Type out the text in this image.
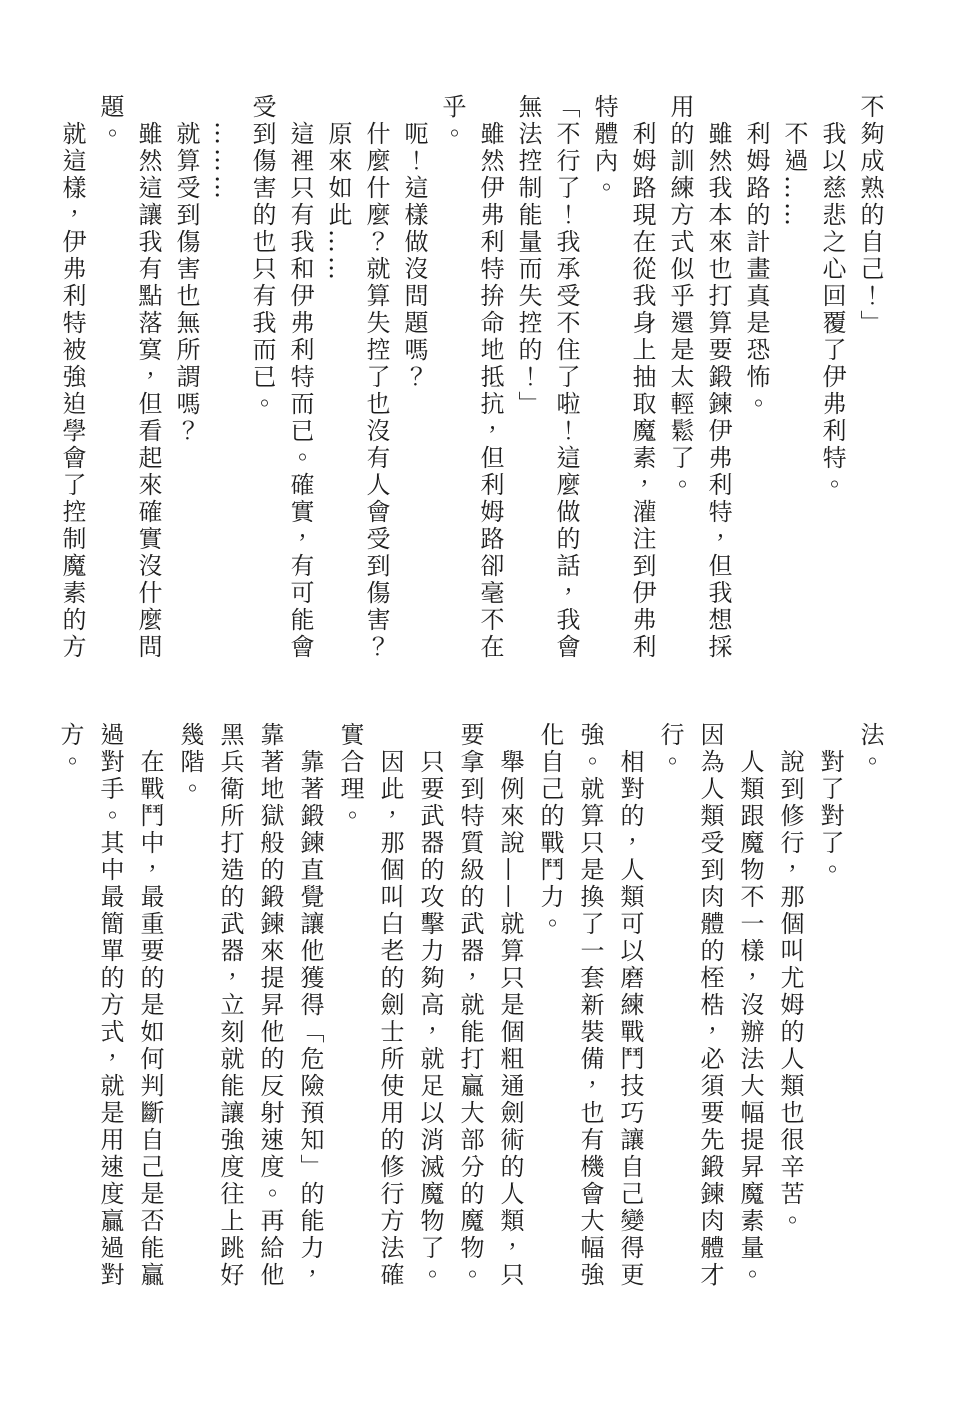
不夠成熟的自己！」
　我以慈悲之心回覆了伊弗利特。
　不過……
　利姆路的計畫真是恐怖。
　雖然我本來也打算要鍛鍊伊弗利特，但我想採
用的訓練方式似乎還是太輕鬆了。
　利姆路現在從我身上抽取魔素，灌注到伊弗利
特體內。
「不行了！我承受不住了啦！這麼做的話，我會
無法控制能量而失控的！」
　雖然伊弗利特拚命地抵抗，但利姆路卻毫不在
乎。
　呃！這樣做沒問題嗎？
　什麼什麼？就算失控了也沒有人會受到傷害？
　原來如此……
　這裡只有我和伊弗利特而已。確實，有可能會
受到傷害的也只有我而已。
　………
　就算受到傷害也無所謂嗎？
　雖然這讓我有點落寞，但看起來確實沒什麼問
題。
　就這樣，伊弗利特被強迫學會了控制魔素的方
法。
　對了對了。
　說到修行，那個叫尤姆的人類也很辛苦。
　人類跟魔物不一樣，沒辦法大幅提昇魔素量。
因為人類受到肉體的桎梏，必須要先鍛鍊肉體才
行。
　相對的，人類可以磨練戰鬥技巧讓自己變得更
強。就算只是換了一套新裝備，也有機會大幅強
化自己的戰鬥力。
　舉例來說——就算只是個粗通劍術的人類，只
要拿到特質級的武器，就能打贏大部分的魔物。
　只要武器的攻擊力夠高，就足以消滅魔物了。
　因此，那個叫白老的劍士所使用的修行方法確
實合理。
　靠著鍛鍊直覺讓他獲得「危險預知」的能力，
靠著地獄般的鍛鍊來提昇他的反射速度。再給他
黑兵衛所打造的武器，立刻就能讓強度往上跳好
幾階。
　在戰鬥中，最重要的是如何判斷自己是否能贏
過對手。其中最簡單的方式，就是用速度贏過對
方。
